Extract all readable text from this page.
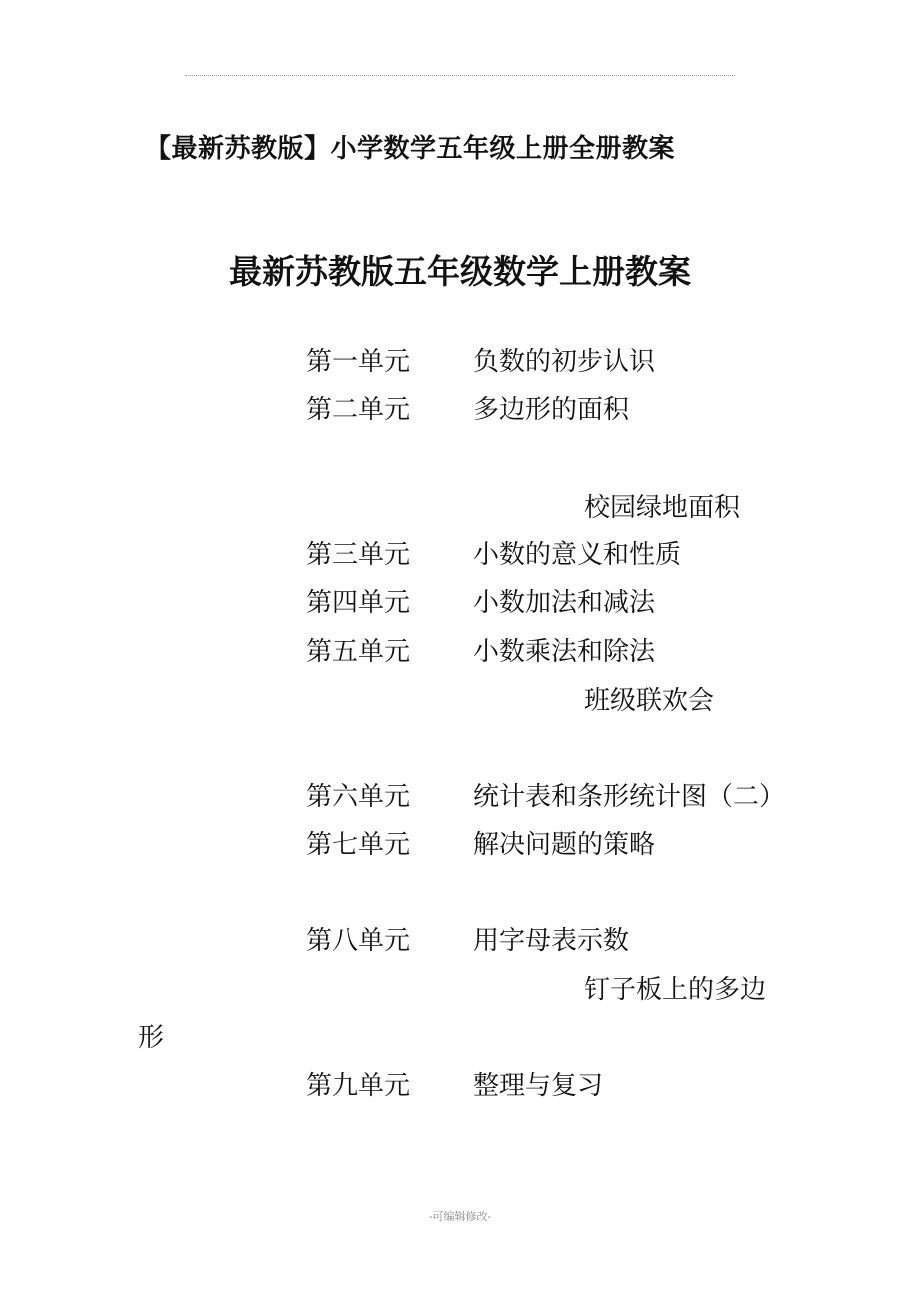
【最新苏教版】小学数学五年级上册全册教案
最新苏教版五年级数学上册教案
第一单元 负数的初步认识
第二单元 多边形的面积
校园绿地面积
第三单元 小数的意义和性质
第四单元 小数加法和减法
第五单元 小数乘法和除法
班级联欢会
第六单元 统计表和条形统计图（二）
第七单元 解决问题的策略
第八单元 用字母表示数
钉子板上的多边
形
第九单元 整理与复习
-可编辑修改-
